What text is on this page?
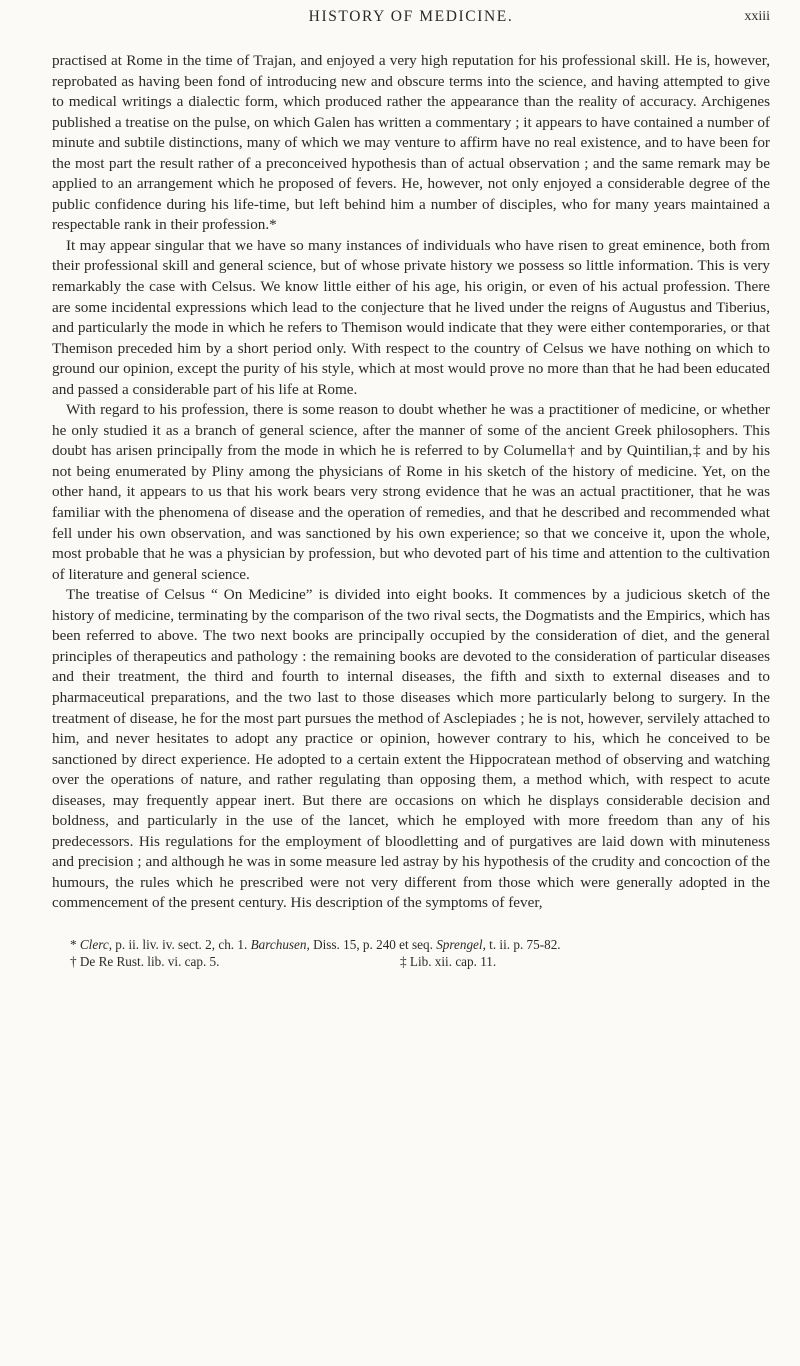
HISTORY OF MEDICINE.	xxiii

practised at Rome in the time of Trajan, and enjoyed a very high reputation for his professional skill. He is, however, reprobated as having been fond of introducing new and obscure terms into the science, and having attempted to give to medical writings a dialectic form, which produced rather the appearance than the reality of accuracy. Archigenes published a treatise on the pulse, on which Galen has written a commentary ; it appears to have contained a number of minute and subtile distinctions, many of which we may venture to affirm have no real existence, and to have been for the most part the result rather of a preconceived hypothesis than of actual observation ; and the same remark may be applied to an arrangement which he proposed of fevers. He, however, not only enjoyed a considerable degree of the public confidence during his life-time, but left behind him a number of disciples, who for many years maintained a respectable rank in their profession.*

It may appear singular that we have so many instances of individuals who have risen to great eminence, both from their professional skill and general science, but of whose private history we possess so little information. This is very remarkably the case with Celsus. We know little either of his age, his origin, or even of his actual profession. There are some incidental expressions which lead to the conjecture that he lived under the reigns of Augustus and Tiberius, and particularly the mode in which he refers to Themison would indicate that they were either contemporaries, or that Themison preceded him by a short period only. With respect to the country of Celsus we have nothing on which to ground our opinion, except the purity of his style, which at most would prove no more than that he had been educated and passed a considerable part of his life at Rome.

With regard to his profession, there is some reason to doubt whether he was a practitioner of medicine, or whether he only studied it as a branch of general science, after the manner of some of the ancient Greek philosophers. This doubt has arisen principally from the mode in which he is referred to by Columella† and by Quintilian,‡ and by his not being enumerated by Pliny among the physicians of Rome in his sketch of the history of medicine. Yet, on the other hand, it appears to us that his work bears very strong evidence that he was an actual practitioner, that he was familiar with the phenomena of disease and the operation of remedies, and that he described and recommended what fell under his own observation, and was sanctioned by his own experience; so that we conceive it, upon the whole, most probable that he was a physician by profession, but who devoted part of his time and attention to the cultivation of literature and general science.

The treatise of Celsus “ On Medicine” is divided into eight books. It commences by a judicious sketch of the history of medicine, terminating by the comparison of the two rival sects, the Dogmatists and the Empirics, which has been referred to above. The two next books are principally occupied by the consideration of diet, and the general principles of therapeutics and pathology : the remaining books are devoted to the consideration of particular diseases and their treatment, the third and fourth to internal diseases, the fifth and sixth to external diseases and to pharmaceutical preparations, and the two last to those diseases which more particularly belong to surgery. In the treatment of disease, he for the most part pursues the method of Asclepiades ; he is not, however, servilely attached to him, and never hesitates to adopt any practice or opinion, however contrary to his, which he conceived to be sanctioned by direct experience. He adopted to a certain extent the Hippocratean method of observing and watching over the operations of nature, and rather regulating than opposing them, a method which, with respect to acute diseases, may frequently appear inert. But there are occasions on which he displays considerable decision and boldness, and particularly in the use of the lancet, which he employed with more freedom than any of his predecessors. His regulations for the employment of bloodletting and of purgatives are laid down with minuteness and precision ; and although he was in some measure led astray by his hypothesis of the crudity and concoction of the humours, the rules which he prescribed were not very different from those which were generally adopted in the commencement of the present century. His description of the symptoms of fever,

* Clerc, p. ii. liv. iv. sect. 2, ch. 1. Barchusen, Diss. 15, p. 240 et seq. Sprengel, t. ii. p. 75-82.

† De Re Rust. lib. vi. cap. 5.	‡ Lib. xii. cap. 11.
